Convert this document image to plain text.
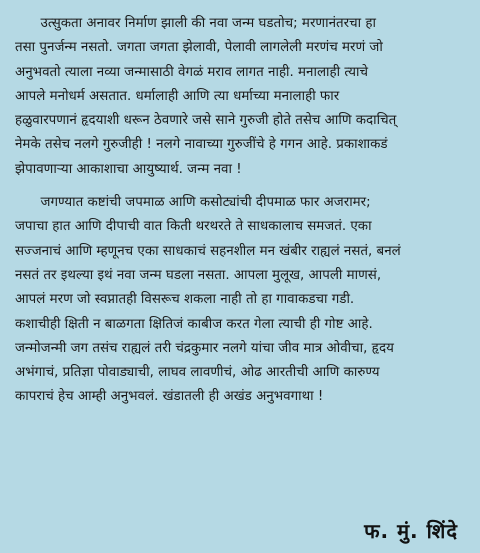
उत्सुकता अनावर निर्माण झाली की नवा जन्म घडतोच; मरणानंतरचा हा
तसा पुनर्जन्म नसतो. जगता जगता झेलावी, पेलावी लागलेली मरणंच मरणं जो
अनुभवतो त्याला नव्या जन्मासाठी वेगळं मराव लागत नाही. मनालाही त्याचे
आपले मनोधर्म असतात. धर्मालाही आणि त्या धर्माच्या मनालाही फार
हळुवारपणानं हृदयाशी धरून ठेवणारे जसे साने गुरुजी होते तसेच आणि कदाचित्
नेमके तसेच नलगे गुरुजीही ! नलगे नावाच्या गुरुजींचे हे गगन आहे. प्रकाशाकडं
झेपावणाऱ्या आकाशाचा आयुष्यार्थ. जन्म नवा !
जगण्यात कष्टांची जपमाळ आणि कसोट्यांची दीपमाळ फार अजरामर;
जपाचा हात आणि दीपाची वात किती थरथरते ते साधकालाच समजतं. एका
सज्जनाचं आणि म्हणूनच एका साधकाचं सहनशील मन खंबीर राह्यलं नसतं, बनलं
नसतं तर इथल्या इथं नवा जन्म घडला नसता. आपला मुलूख, आपली माणसं,
आपलं मरण जो स्वप्नातही विसरूच शकला नाही तो हा गावाकडचा गडी.
कशाचीही क्षिती न बाळगता क्षितिजं काबीज करत गेला त्याची ही गोष्ट आहे.
जन्मोजन्मी जग तसंच राह्यलं तरी चंद्रकुमार नलगे यांचा जीव मात्र ओवीचा, हृदय
अभंगाचं, प्रतिज्ञा पोवाड्याची, लाघव लावणीचं, ओढ आरतीची आणि कारुण्य
कापराचं हेच आम्ही अनुभवलं. खंडातली ही अखंड अनुभवगाथा !
फ. मुं. शिंदे
